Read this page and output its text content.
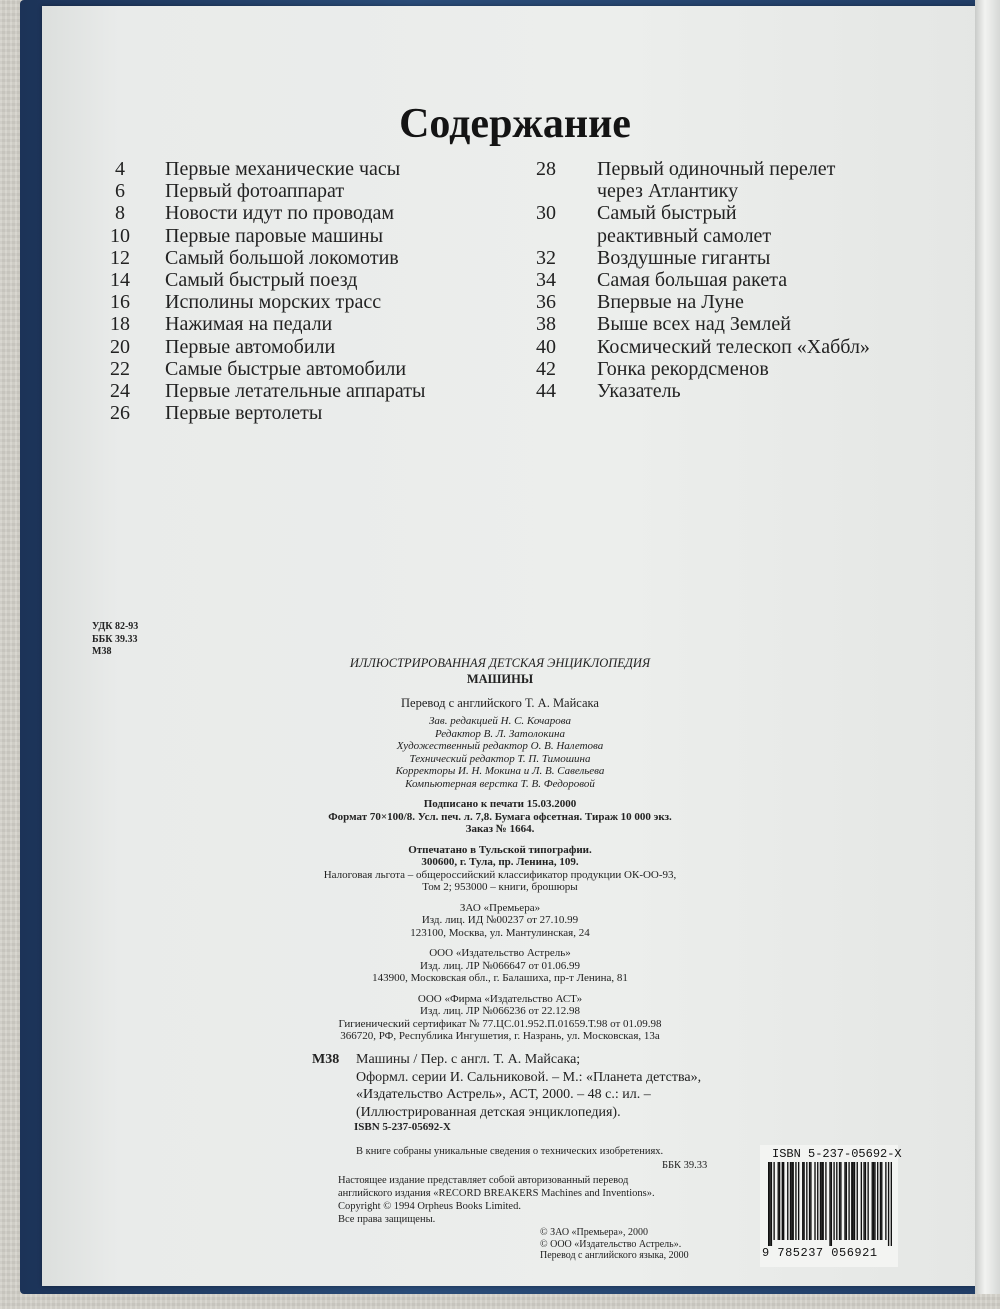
Содержание
4 Первые механические часы
6 Первый фотоаппарат
8 Новости идут по проводам
10 Первые паровые машины
12 Самый большой локомотив
14 Самый быстрый поезд
16 Исполины морских трасс
18 Нажимая на педали
20 Первые автомобили
22 Самые быстрые автомобили
24 Первые летательные аппараты
26 Первые вертолеты
28 Первый одиночный перелет
через Атлантику
30 Самый быстрый
реактивный самолет
32 Воздушные гиганты
34 Самая большая ракета
36 Впервые на Луне
38 Выше всех над Землей
40 Космический телескоп «Хаббл»
42 Гонка рекордсменов
44 Указатель
УДК 82-93
ББК 39.33
М38
ИЛЛЮСТРИРОВАННАЯ ДЕТСКАЯ ЭНЦИКЛОПЕДИЯ
МАШИНЫ
Перевод с английского Т. А. Майсака
Зав. редакцией Н. С. Кочарова
Редактор В. Л. Затолокина
Художественный редактор О. В. Налетова
Технический редактор Т. П. Тимошина
Корректоры И. Н. Мокина и Л. В. Савельева
Компьютерная верстка Т. В. Федоровой
Подписано к печати 15.03.2000
Формат 70×100/8. Усл. печ. л. 7,8. Бумага офсетная. Тираж 10 000 экз.
Заказ № 1664.
Отпечатано в Тульской типографии.
300600, г. Тула, пр. Ленина, 109.
Налоговая льгота – общероссийский классификатор продукции ОК-ОО-93,
Том 2; 953000 – книги, брошюры
ЗАО «Премьера»
Изд. лиц. ИД №00237 от 27.10.99
123100, Москва, ул. Мантулинская, 24
ООО «Издательство Астрель»
Изд. лиц. ЛР №066647 от 01.06.99
143900, Московская обл., г. Балашиха, пр-т Ленина, 81
ООО «Фирма «Издательство АСТ»
Изд. лиц. ЛР №066236 от 22.12.98
Гигиенический сертификат № 77.ЦС.01.952.П.01659.Т.98 от 01.09.98
366720, РФ, Республика Ингушетия, г. Назрань, ул. Московская, 13а
М38 Машины / Пер. с англ. Т. А. Майсака;
Оформл. серии И. Сальниковой. – М.: «Планета детства»,
«Издательство Астрель», АСТ, 2000. – 48 с.: ил. –
(Иллюстрированная детская энциклопедия).
ISBN 5-237-05692-X
В книге собраны уникальные сведения о технических изобретениях.
ББК 39.33
Настоящее издание представляет собой авторизованный перевод
английского издания «RECORD BREAKERS Machines and Inventions».
Copyright © 1994 Orpheus Books Limited.
Все права защищены.
© ЗАО «Премьера», 2000
© ООО «Издательство Астрель».
Перевод с английского языка, 2000
ISBN 5-237-05692-X
9 785237 056921
